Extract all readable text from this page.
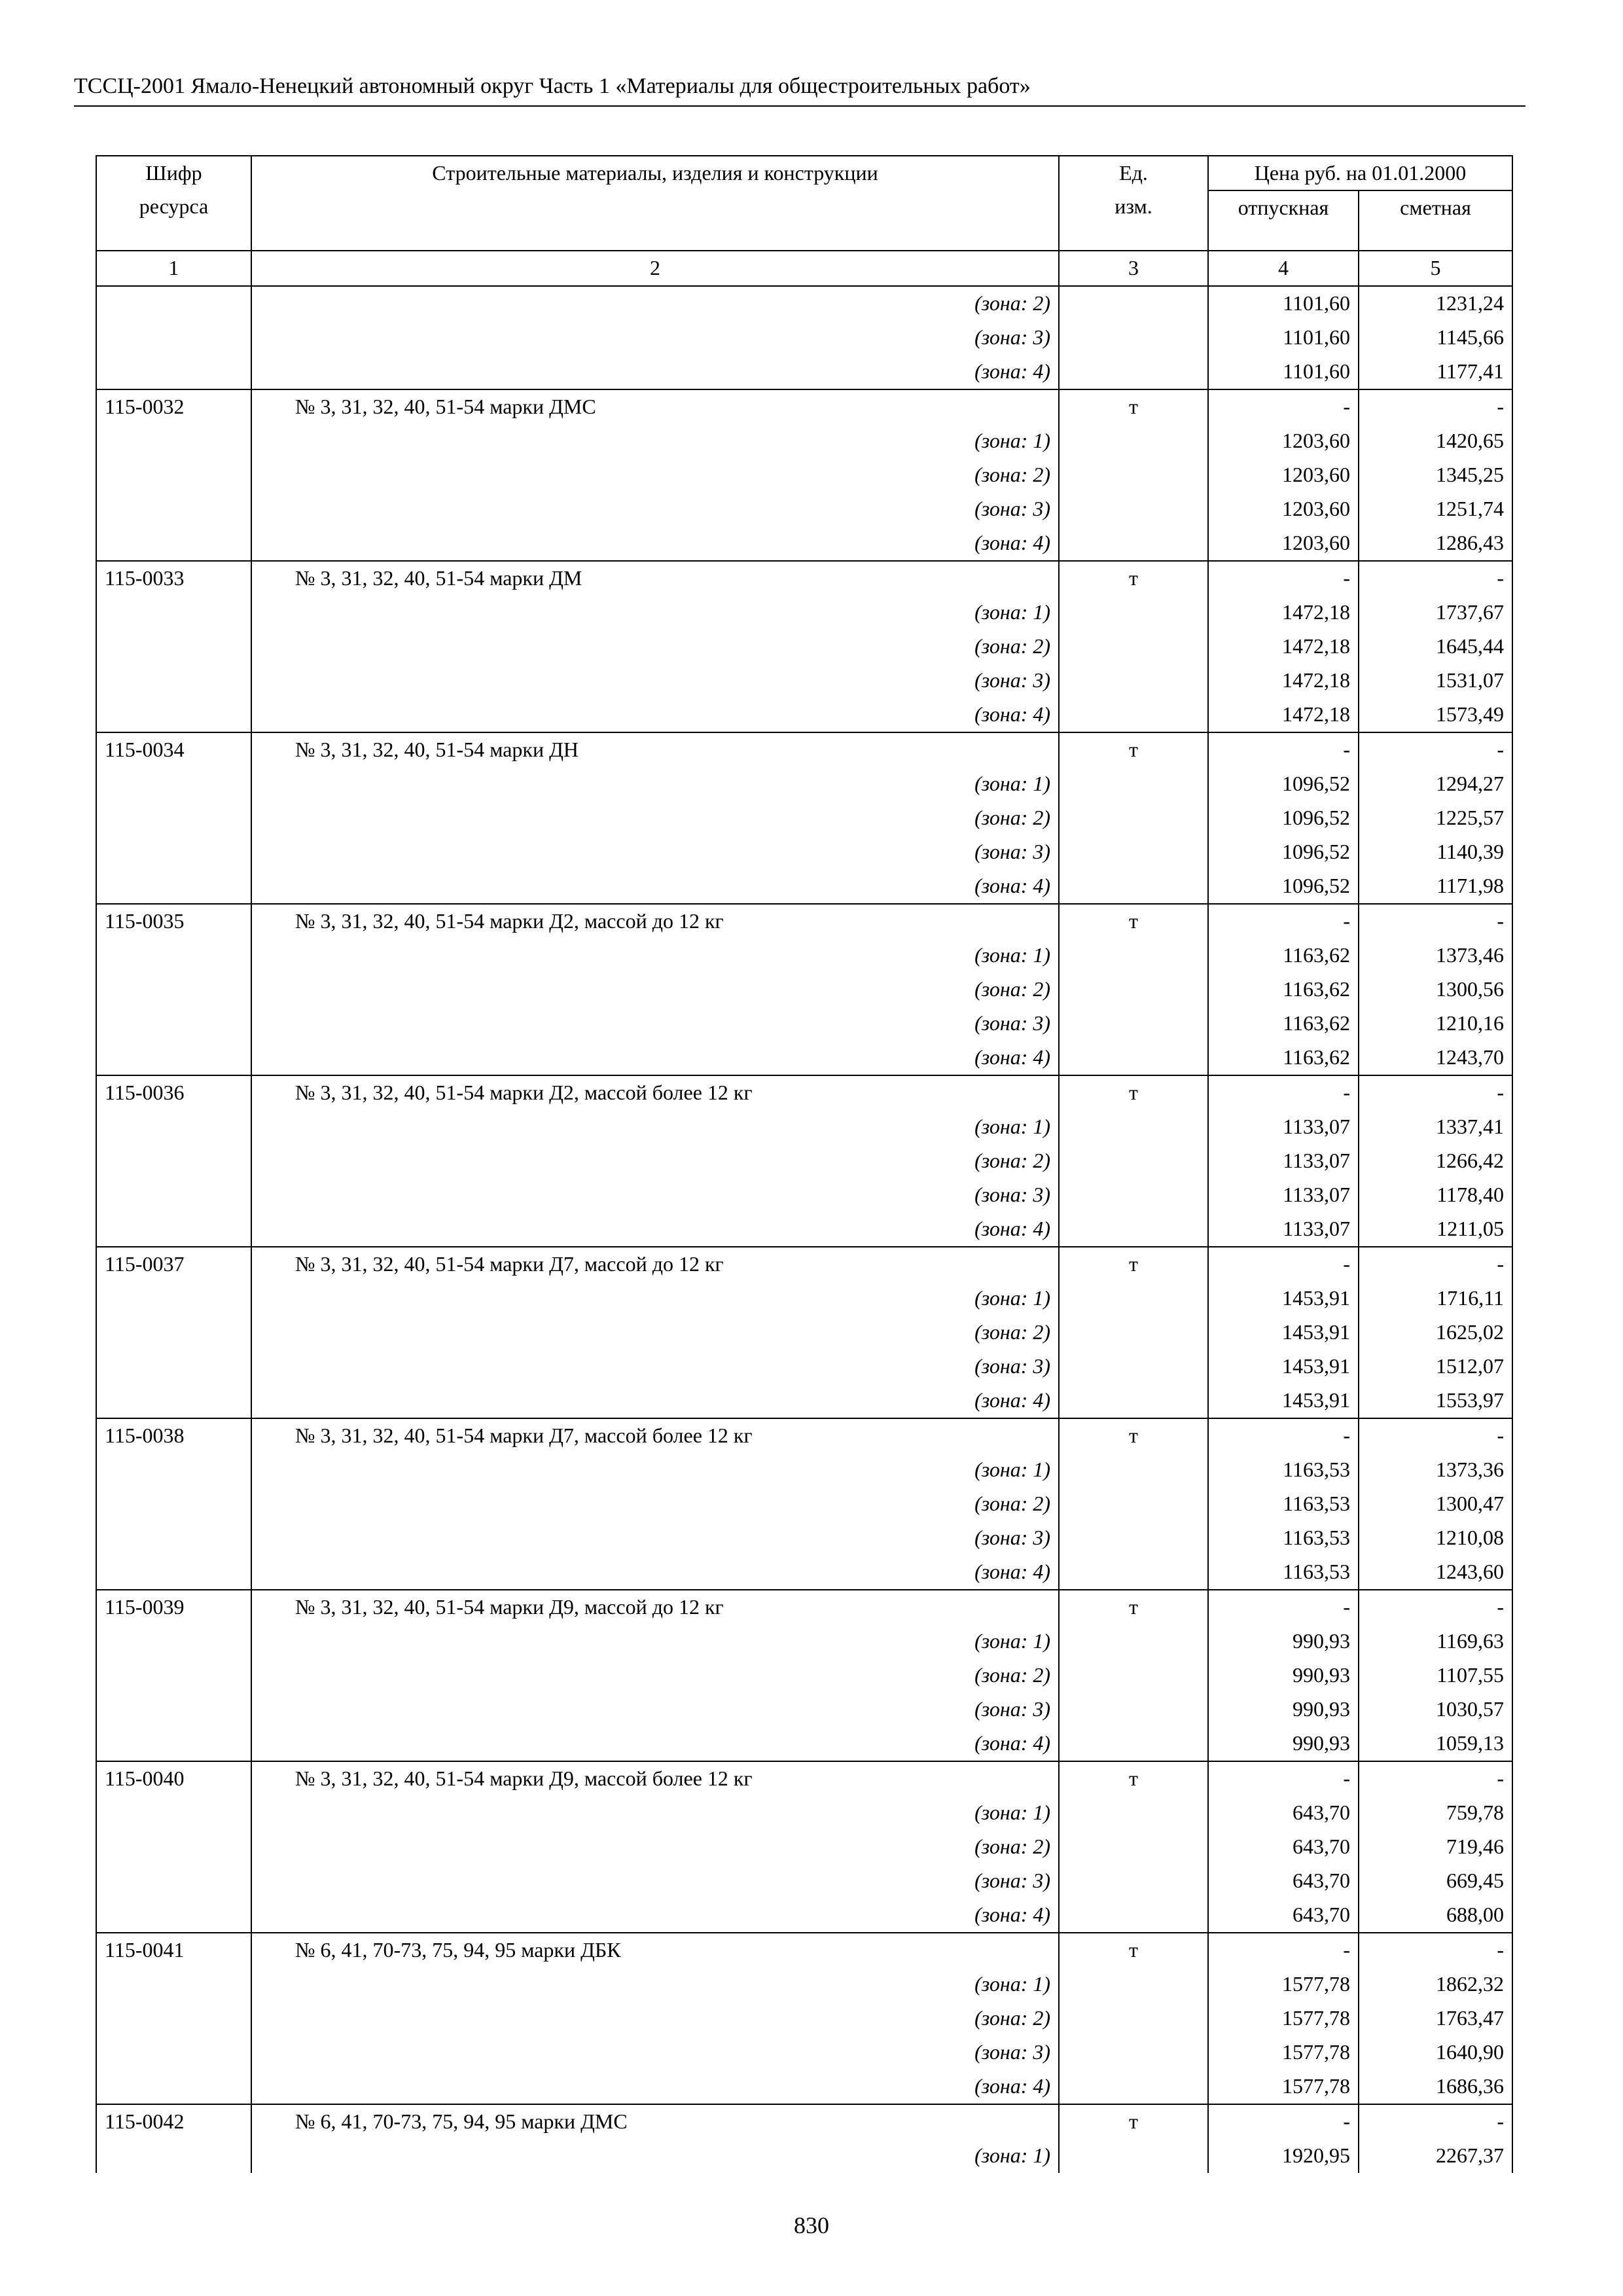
ТССЦ-2001 Ямало-Ненецкий автономный округ Часть 1 «Материалы для общестроительных работ»
Шифр ресурса	Строительные материалы, изделия и конструкции	Ед. изм.	Цена руб. на 01.01.2000	
			отпускная	сметная
1	2	3	4	5
	(зона: 2)		1101,60	1231,24
	(зона: 3)		1101,60	1145,66
	(зона: 4)		1101,60	1177,41
115-0032	№ 3, 31, 32, 40, 51-54 марки ДМС	т	-	-
	(зона: 1)		1203,60	1420,65
	(зона: 2)		1203,60	1345,25
	(зона: 3)		1203,60	1251,74
	(зона: 4)		1203,60	1286,43
115-0033	№ 3, 31, 32, 40, 51-54 марки ДМ	т	-	-
	(зона: 1)		1472,18	1737,67
	(зона: 2)		1472,18	1645,44
	(зона: 3)		1472,18	1531,07
	(зона: 4)		1472,18	1573,49
115-0034	№ 3, 31, 32, 40, 51-54 марки ДН	т	-	-
	(зона: 1)		1096,52	1294,27
	(зона: 2)		1096,52	1225,57
	(зона: 3)		1096,52	1140,39
	(зона: 4)		1096,52	1171,98
115-0035	№ 3, 31, 32, 40, 51-54 марки Д2, массой до 12 кг	т	-	-
	(зона: 1)		1163,62	1373,46
	(зона: 2)		1163,62	1300,56
	(зона: 3)		1163,62	1210,16
	(зона: 4)		1163,62	1243,70
115-0036	№ 3, 31, 32, 40, 51-54 марки Д2, массой более 12 кг	т	-	-
	(зона: 1)		1133,07	1337,41
	(зона: 2)		1133,07	1266,42
	(зона: 3)		1133,07	1178,40
	(зона: 4)		1133,07	1211,05
115-0037	№ 3, 31, 32, 40, 51-54 марки Д7, массой до 12 кг	т	-	-
	(зона: 1)		1453,91	1716,11
	(зона: 2)		1453,91	1625,02
	(зона: 3)		1453,91	1512,07
	(зона: 4)		1453,91	1553,97
115-0038	№ 3, 31, 32, 40, 51-54 марки Д7, массой более 12 кг	т	-	-
	(зона: 1)		1163,53	1373,36
	(зона: 2)		1163,53	1300,47
	(зона: 3)		1163,53	1210,08
	(зона: 4)		1163,53	1243,60
115-0039	№ 3, 31, 32, 40, 51-54 марки Д9, массой до 12 кг	т	-	-
	(зона: 1)		990,93	1169,63
	(зона: 2)		990,93	1107,55
	(зона: 3)		990,93	1030,57
	(зона: 4)		990,93	1059,13
115-0040	№ 3, 31, 32, 40, 51-54 марки Д9, массой более 12 кг	т	-	-
	(зона: 1)		643,70	759,78
	(зона: 2)		643,70	719,46
	(зона: 3)		643,70	669,45
	(зона: 4)		643,70	688,00
115-0041	№ 6, 41, 70-73, 75, 94, 95 марки ДБК	т	-	-
	(зона: 1)		1577,78	1862,32
	(зона: 2)		1577,78	1763,47
	(зона: 3)		1577,78	1640,90
	(зона: 4)		1577,78	1686,36
115-0042	№ 6, 41, 70-73, 75, 94, 95 марки ДМС	т	-	-
	(зона: 1)		1920,95	2267,37
830
